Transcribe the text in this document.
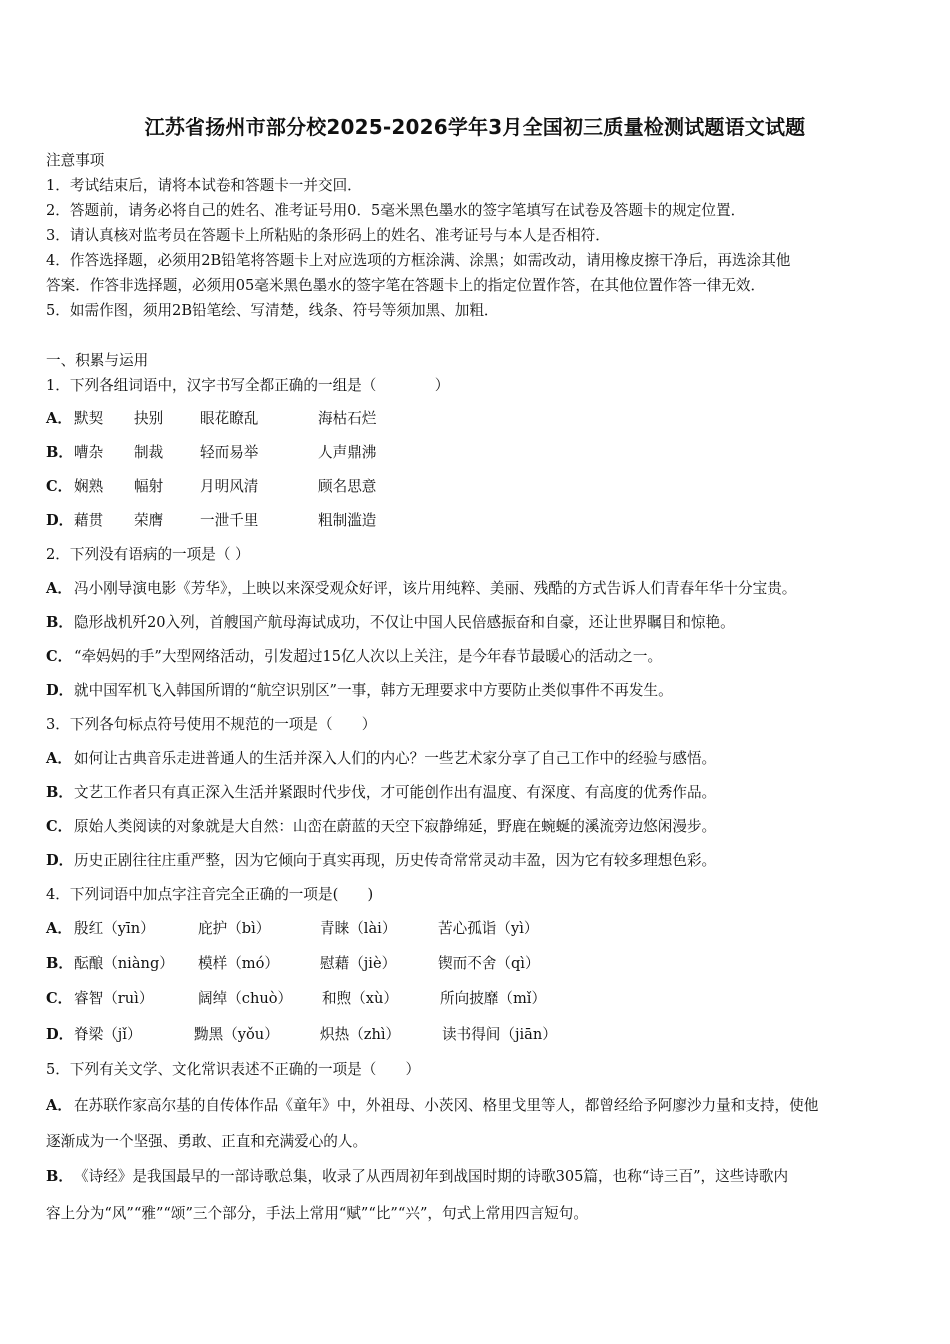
江苏省扬州市部分校2025-2026学年3月全国初三质量检测试题语文试题
注意事项
1．考试结束后，请将本试卷和答题卡一并交回．
2．答题前，请务必将自己的姓名、准考证号用0．5毫米黑色墨水的签字笔填写在试卷及答题卡的规定位置．
3．请认真核对监考员在答题卡上所粘贴的条形码上的姓名、准考证号与本人是否相符．
4．作答选择题，必须用2B铅笔将答题卡上对应选项的方框涂满、涂黑；如需改动，请用橡皮擦干净后，再选涂其他
答案．作答非选择题，必须用05毫米黑色墨水的签字笔在答题卡上的指定位置作答，在其他位置作答一律无效．
5．如需作图，须用2B铅笔绘、写清楚，线条、符号等须加黑、加粗．
一、积累与运用
1．下列各组词语中，汉字书写全都正确的一组是（　　　　）
A． 默契 抉别	眼花瞭乱	海枯石烂
B． 嘈杂 制裁	轻而易举	人声鼎沸
C． 娴熟 幅射	月明风清	顾名思意
D． 藉贯 荣膺	一泄千里	粗制滥造
2．下列没有语病的一项是（ ）
A． 冯小刚导演电影《芳华》，上映以来深受观众好评，该片用纯粹、美丽、残酷的方式告诉人们青春年华十分宝贵。
B．隐形战机歼20入列，首艘国产航母海试成功，不仅让中国人民倍感振奋和自豪，还让世界瞩目和惊艳。
C． “牵妈妈的手”大型网络活动，引发超过15亿人次以上关注，是今年春节最暖心的活动之一。
D．就中国军机飞入韩国所谓的“航空识别区”一事，韩方无理要求中方要防止类似事件不再发生。
3．下列各句标点符号使用不规范的一项是（　　）
A． 如何让古典音乐走进普通人的生活并深入人们的内心？一些艺术家分享了自己工作中的经验与感悟。
B．文艺工作者只有真正深入生活并紧跟时代步伐，才可能创作出有温度、有深度、有高度的优秀作品。
C． 原始人类阅读的对象就是大自然：山峦在蔚蓝的天空下寂静绵延，野鹿在蜿蜒的溪流旁边悠闲漫步。
D．历史正剧往往庄重严整，因为它倾向于真实再现，历史传奇常常灵动丰盈，因为它有较多理想色彩。
4．下列词语中加点字注音完全正确的一项是(　　)
A． 殷红（yīn）	庇护（bì）	青睐（lài）	苦心孤诣（yì）
B． 酝酿（niàng） 模样（mó）	慰藉（jiè）	锲而不舍（qì）
C． 睿智（ruì）	阔绰（chuò） 和煦（xù）	所向披靡（mǐ）
D． 脊梁（jǐ）	黝黑（yǒu）	炽热（zhì）	读书得间（jiān）
5．下列有关文学、文化常识表述不正确的一项是（　　）
A． 在苏联作家高尔基的自传体作品《童年》中，外祖母、小茨冈、格里戈里等人，都曾经给予阿廖沙力量和支持，使他
逐渐成为一个坚强、勇敢、正直和充满爱心的人。
B．《诗经》是我国最早的一部诗歌总集，收录了从西周初年到战国时期的诗歌305篇，也称“诗三百”，这些诗歌内
容上分为“风”“雅”“颂”三个部分，手法上常用“赋”“比”“兴”，句式上常用四言短句。
